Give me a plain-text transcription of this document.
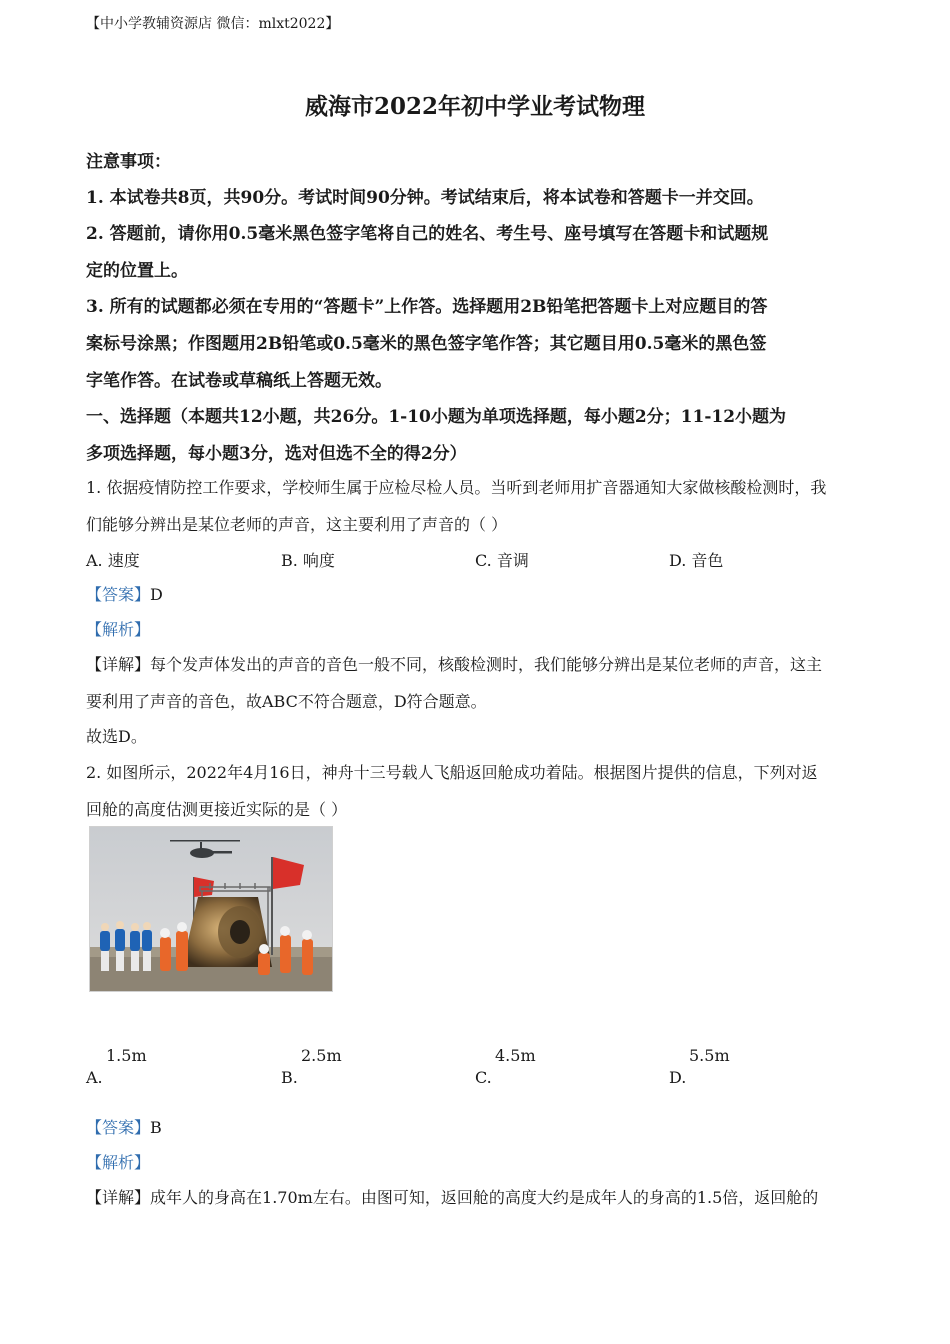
【中小学教辅资源店 微信：mlxt2022】
威海市2022年初中学业考试物理
注意事项：
1. 本试卷共8页，共90分。考试时间90分钟。考试结束后，将本试卷和答题卡一并交回。
2. 答题前，请你用0.5毫米黑色签字笔将自己的姓名、考生号、座号填写在答题卡和试题规
定的位置上。
3. 所有的试题都必须在专用的“答题卡”上作答。选择题用2B铅笔把答题卡上对应题目的答
案标号涂黑；作图题用2B铅笔或0.5毫米的黑色签字笔作答；其它题目用0.5毫米的黑色签
字笔作答。在试卷或草稿纸上答题无效。
一、选择题（本题共12小题，共26分。1-10小题为单项选择题，每小题2分；11-12小题为
多项选择题，每小题3分，选对但选不全的得2分）
1. 依据疫情防控工作要求，学校师生属于应检尽检人员。当听到老师用扩音器通知大家做核酸检测时，我
们能够分辨出是某位老师的声音，这主要利用了声音的（ ）
A. 速度	B. 响度	C. 音调	D. 音色
【答案】D
【解析】
【详解】每个发声体发出的声音的音色一般不同，核酸检测时，我们能够分辨出是某位老师的声音，这主
要利用了声音的音色，故ABC不符合题意，D符合题意。
故选D。
2. 如图所示，2022年4月16日，神舟十三号载人飞船返回舱成功着陆。根据图片提供的信息，下列对返
回舱的高度估测更接近实际的是（ ）
A.
1.5m
B.
2.5m
C.
4.5m
D.
5.5m
【答案】B
【解析】
【详解】成年人的身高在1.70m左右。由图可知，返回舱的高度大约是成年人的身高的1.5倍，返回舱的
